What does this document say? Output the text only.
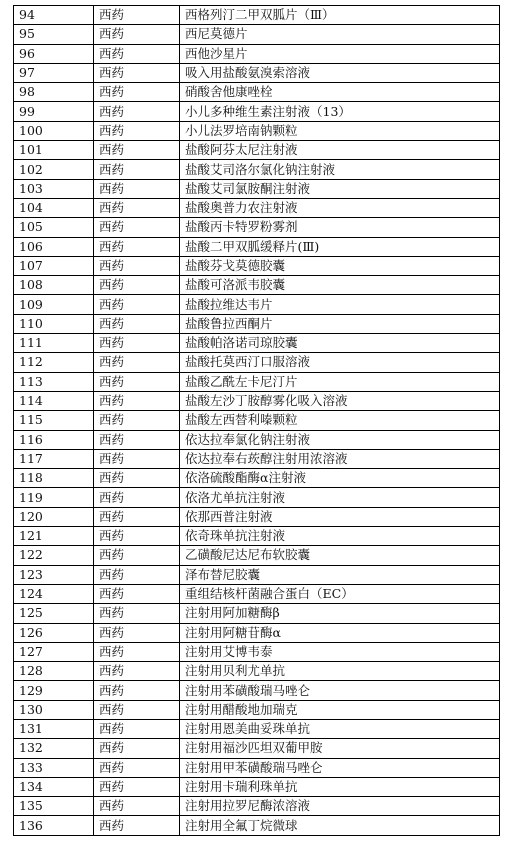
94	西药	西格列汀二甲双胍片（Ⅲ）
95	西药	西尼莫德片
96	西药	西他沙星片
97	西药	吸入用盐酸氨溴索溶液
98	西药	硝酸舍他康唑栓
99	西药	小儿多种维生素注射液（13）
100	西药	小儿法罗培南钠颗粒
101	西药	盐酸阿芬太尼注射液
102	西药	盐酸艾司洛尔氯化钠注射液
103	西药	盐酸艾司氯胺酮注射液
104	西药	盐酸奥普力农注射液
105	西药	盐酸丙卡特罗粉雾剂
106	西药	盐酸二甲双胍缓释片(Ⅲ)
107	西药	盐酸芬戈莫德胶囊
108	西药	盐酸可洛派韦胶囊
109	西药	盐酸拉维达韦片
110	西药	盐酸鲁拉西酮片
111	西药	盐酸帕洛诺司琼胶囊
112	西药	盐酸托莫西汀口服溶液
113	西药	盐酸乙酰左卡尼汀片
114	西药	盐酸左沙丁胺醇雾化吸入溶液
115	西药	盐酸左西替利嗪颗粒
116	西药	依达拉奉氯化钠注射液
117	西药	依达拉奉右莰醇注射用浓溶液
118	西药	依洛硫酸酯酶α注射液
119	西药	依洛尤单抗注射液
120	西药	依那西普注射液
121	西药	依奇珠单抗注射液
122	西药	乙磺酸尼达尼布软胶囊
123	西药	泽布替尼胶囊
124	西药	重组结核杆菌融合蛋白（EC）
125	西药	注射用阿加糖酶β
126	西药	注射用阿糖苷酶α
127	西药	注射用艾博韦泰
128	西药	注射用贝利尤单抗
129	西药	注射用苯磺酸瑞马唑仑
130	西药	注射用醋酸地加瑞克
131	西药	注射用恩美曲妥珠单抗
132	西药	注射用福沙匹坦双葡甲胺
133	西药	注射用甲苯磺酸瑞马唑仑
134	西药	注射用卡瑞利珠单抗
135	西药	注射用拉罗尼酶浓溶液
136	西药	注射用全氟丁烷微球
